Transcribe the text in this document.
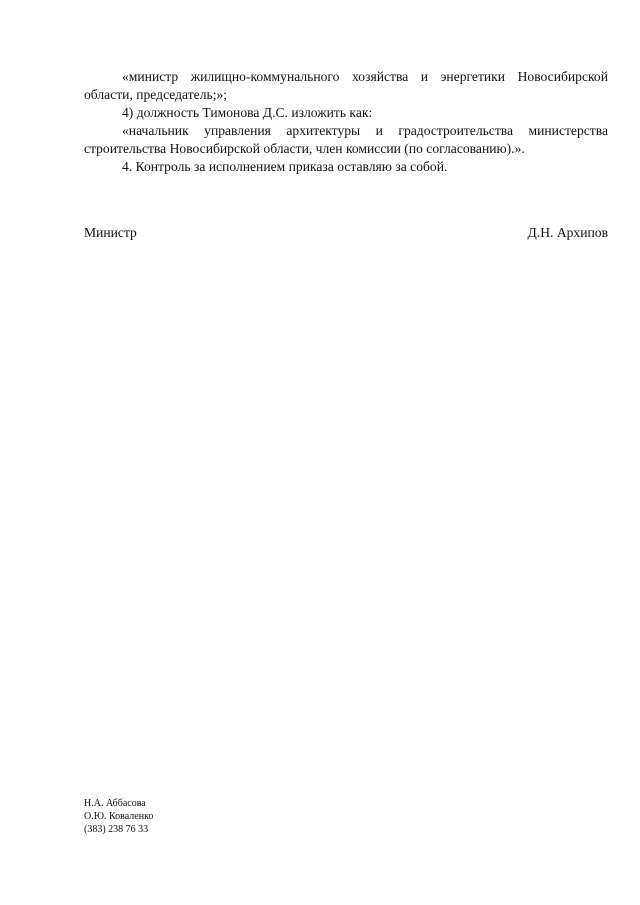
«министр жилищно-коммунального хозяйства и энергетики Новосибирской области, председатель;»;

4) должность Тимонова Д.С. изложить как:

«начальник управления архитектуры и градостроительства министерства строительства Новосибирской области, член комиссии (по согласованию).».

4. Контроль за исполнением приказа оставляю за собой.

Министр	Д.Н. Архипов
Н.А. Аббасова
О.Ю. Коваленко
(383) 238 76 33
